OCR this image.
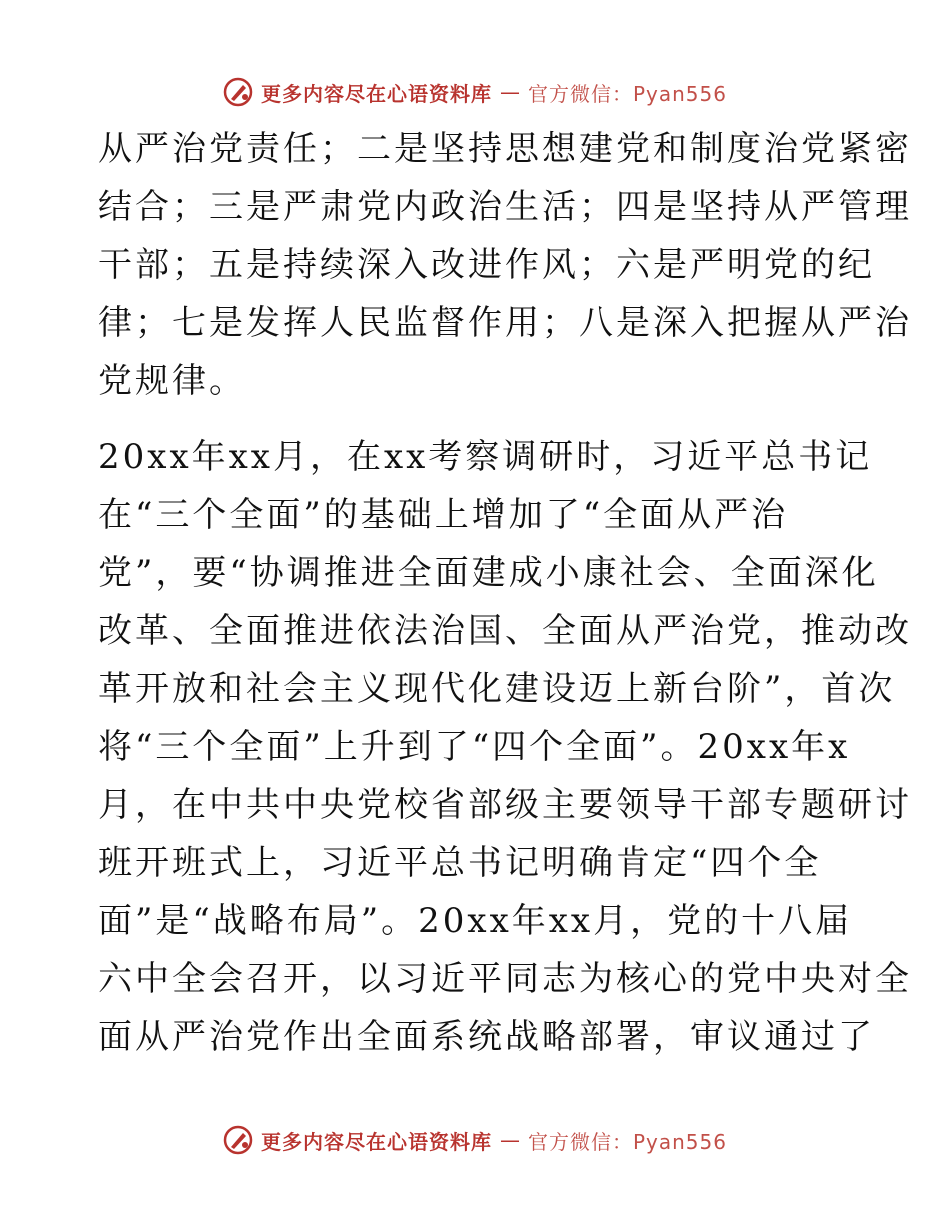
更多内容尽在心语资料库 — 官方微信：Pyan556

从严治党责任；二是坚持思想建党和制度治党紧密
结合；三是严肃党内政治生活；四是坚持从严管理
干部；五是持续深入改进作风；六是严明党的纪
律；七是发挥人民监督作用；八是深入把握从严治
党规律。

20xx年xx月，在xx考察调研时，习近平总书记
在“三个全面”的基础上增加了“全面从严治
党”，要“协调推进全面建成小康社会、全面深化
改革、全面推进依法治国、全面从严治党，推动改
革开放和社会主义现代化建设迈上新台阶”，首次
将“三个全面”上升到了“四个全面”。20xx年x
月，在中共中央党校省部级主要领导干部专题研讨
班开班式上，习近平总书记明确肯定“四个全
面”是“战略布局”。20xx年xx月，党的十八届
六中全会召开，以习近平同志为核心的党中央对全
面从严治党作出全面系统战略部署，审议通过了

更多内容尽在心语资料库 — 官方微信：Pyan556
